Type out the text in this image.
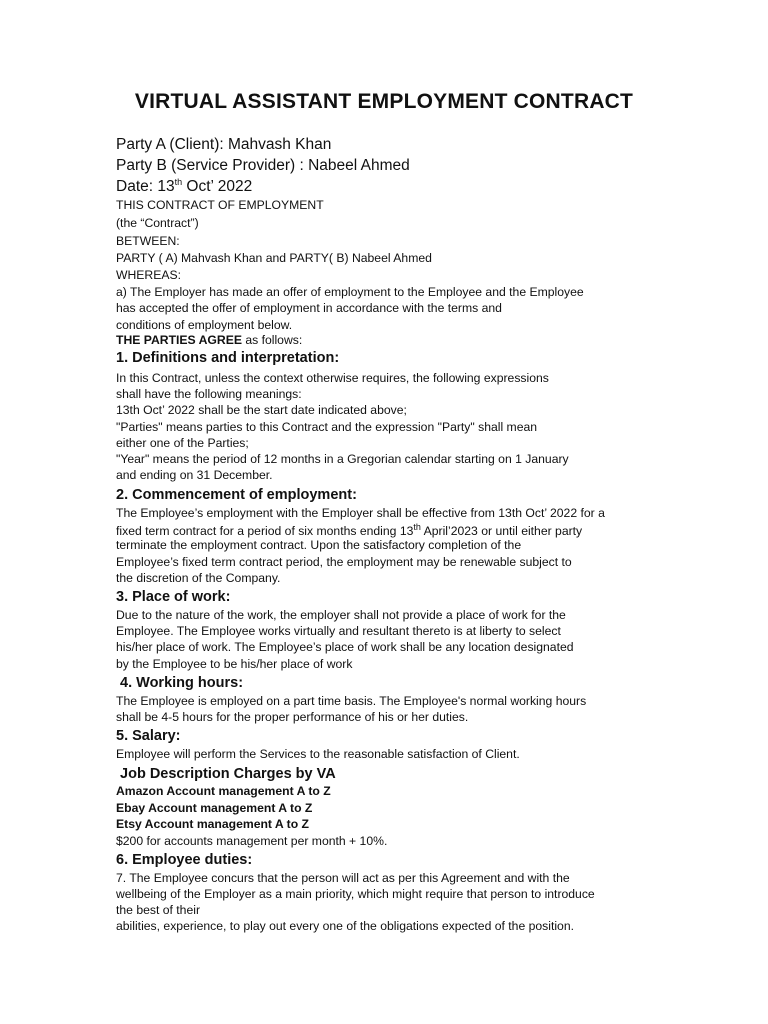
VIRTUAL ASSISTANT EMPLOYMENT CONTRACT
Party A (Client): Mahvash Khan
Party B (Service Provider) : Nabeel Ahmed
Date: 13th Oct’ 2022
THIS CONTRACT OF EMPLOYMENT
(the “Contract”)
BETWEEN:
PARTY ( A) Mahvash Khan and PARTY( B) Nabeel Ahmed
WHEREAS:
a) The Employer has made an offer of employment to the Employee and the Employee
has accepted the offer of employment in accordance with the terms and
conditions of employment below.
THE PARTIES AGREE as follows:
1. Definitions and interpretation:
In this Contract, unless the context otherwise requires, the following expressions
shall have the following meanings:
13th Oct’ 2022 shall be the start date indicated above;
"Parties" means parties to this Contract and the expression "Party" shall mean
either one of the Parties;
"Year" means the period of 12 months in a Gregorian calendar starting on 1 January
and ending on 31 December.
2. Commencement of employment:
The Employee’s employment with the Employer shall be effective from 13th Oct’ 2022 for a
fixed term contract for a period of six months ending 13th April’2023 or until either party
terminate the employment contract. Upon the satisfactory completion of the
Employee’s fixed term contract period, the employment may be renewable subject to
the discretion of the Company.
3. Place of work:
Due to the nature of the work, the employer shall not provide a place of work for the
Employee. The Employee works virtually and resultant thereto is at liberty to select
his/her place of work. The Employee’s place of work shall be any location designated
by the Employee to be his/her place of work
4. Working hours:
The Employee is employed on a part time basis. The Employee's normal working hours
shall be 4-5 hours for the proper performance of his or her duties.
5. Salary:
Employee will perform the Services to the reasonable satisfaction of Client.
Job Description Charges by VA
Amazon Account management A to Z
Ebay Account management A to Z
Etsy Account management A to Z
$200 for accounts management per month + 10%.
6. Employee duties:
7. The Employee concurs that the person will act as per this Agreement and with the
wellbeing of the Employer as a main priority, which might require that person to introduce
the best of their
abilities, experience, to play out every one of the obligations expected of the position.
